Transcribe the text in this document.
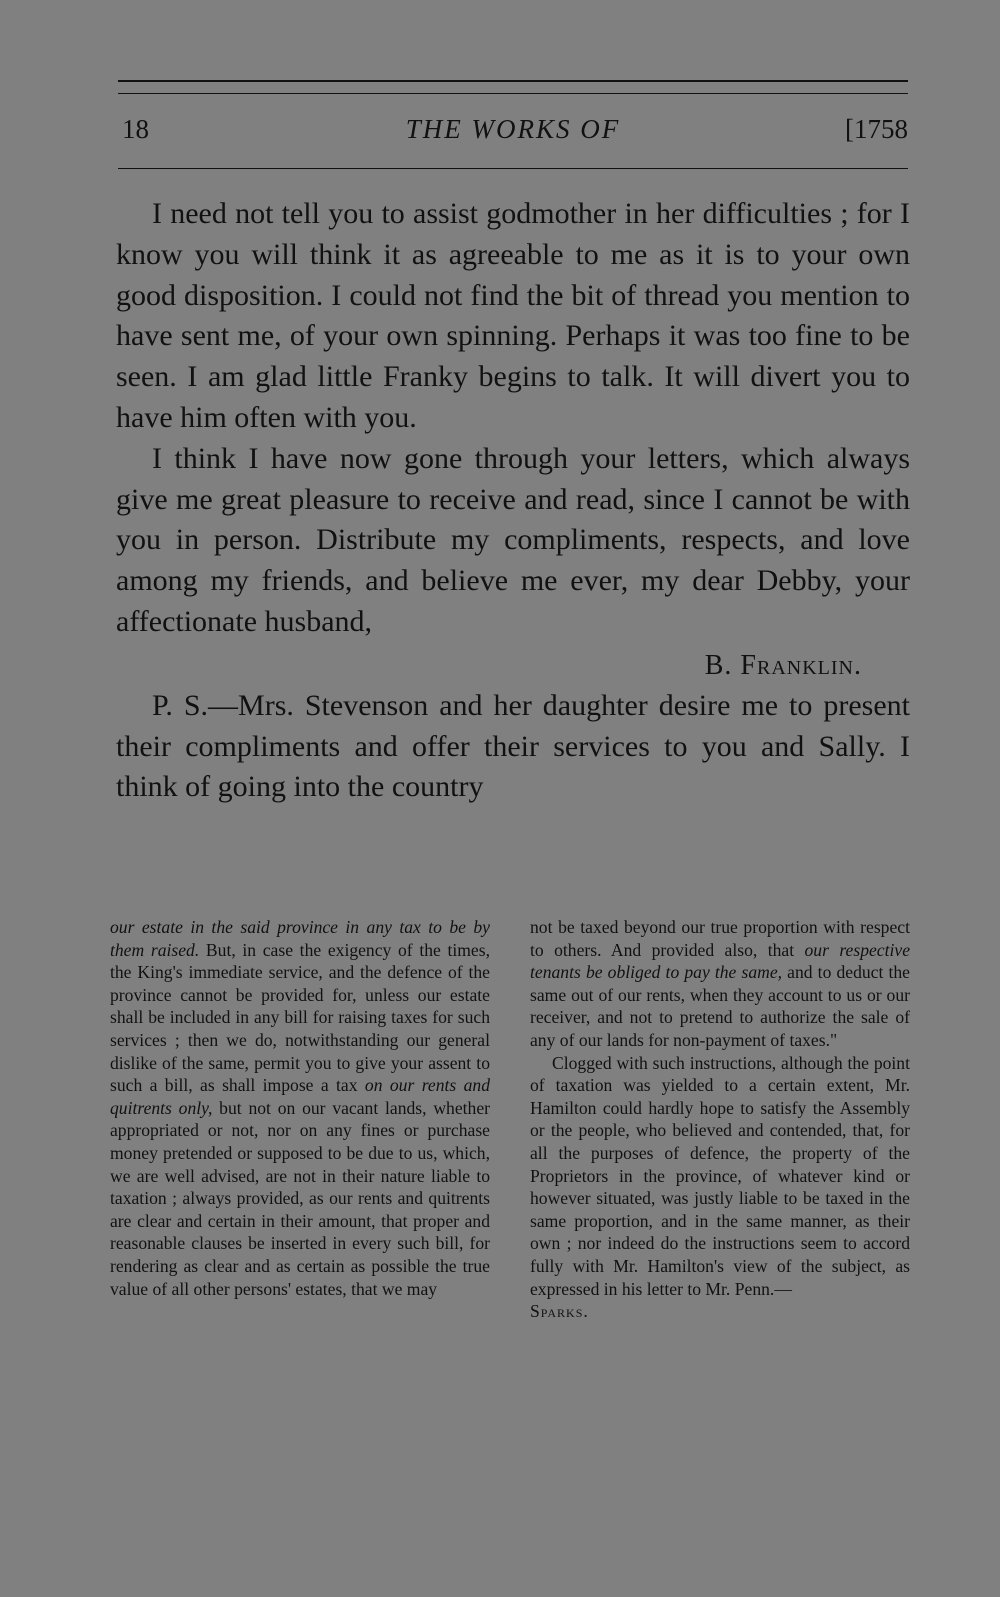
18	THE WORKS OF	[1758

I need not tell you to assist godmother in her difficulties ; for I know you will think it as agreeable to me as it is to your own good disposition. I could not find the bit of thread you mention to have sent me, of your own spinning. Perhaps it was too fine to be seen. I am glad little Franky begins to talk. It will divert you to have him often with you.

I think I have now gone through your letters, which always give me great pleasure to receive and read, since I cannot be with you in person. Distribute my compliments, respects, and love among my friends, and believe me ever, my dear Debby, your affectionate husband,

B. Franklin.

P. S.—Mrs. Stevenson and her daughter desire me to present their compliments and offer their services to you and Sally. I think of going into the country

our estate in the said province in any tax to be by them raised. But, in case the exigency of the times, the King's immediate service, and the defence of the province cannot be provided for, unless our estate shall be included in any bill for raising taxes for such services ; then we do, notwithstanding our general dislike of the same, permit you to give your assent to such a bill, as shall impose a tax on our rents and quitrents only, but not on our vacant lands, whether appropriated or not, nor on any fines or purchase money pretended or supposed to be due to us, which, we are well advised, are not in their nature liable to taxation ; always provided, as our rents and quitrents are clear and certain in their amount, that proper and reasonable clauses be inserted in every such bill, for rendering as clear and as certain as possible the true value of all other persons' estates, that we may

not be taxed beyond our true proportion with respect to others. And provided also, that our respective tenants be obliged to pay the same, and to deduct the same out of our rents, when they account to us or our receiver, and not to pretend to authorize the sale of any of our lands for non-payment of taxes."

Clogged with such instructions, although the point of taxation was yielded to a certain extent, Mr. Hamilton could hardly hope to satisfy the Assembly or the people, who believed and contended, that, for all the purposes of defence, the property of the Proprietors in the province, of whatever kind or however situated, was justly liable to be taxed in the same proportion, and in the same manner, as their own ; nor indeed do the instructions seem to accord fully with Mr. Hamilton's view of the subject, as expressed in his letter to Mr. Penn.—
Sparks.
